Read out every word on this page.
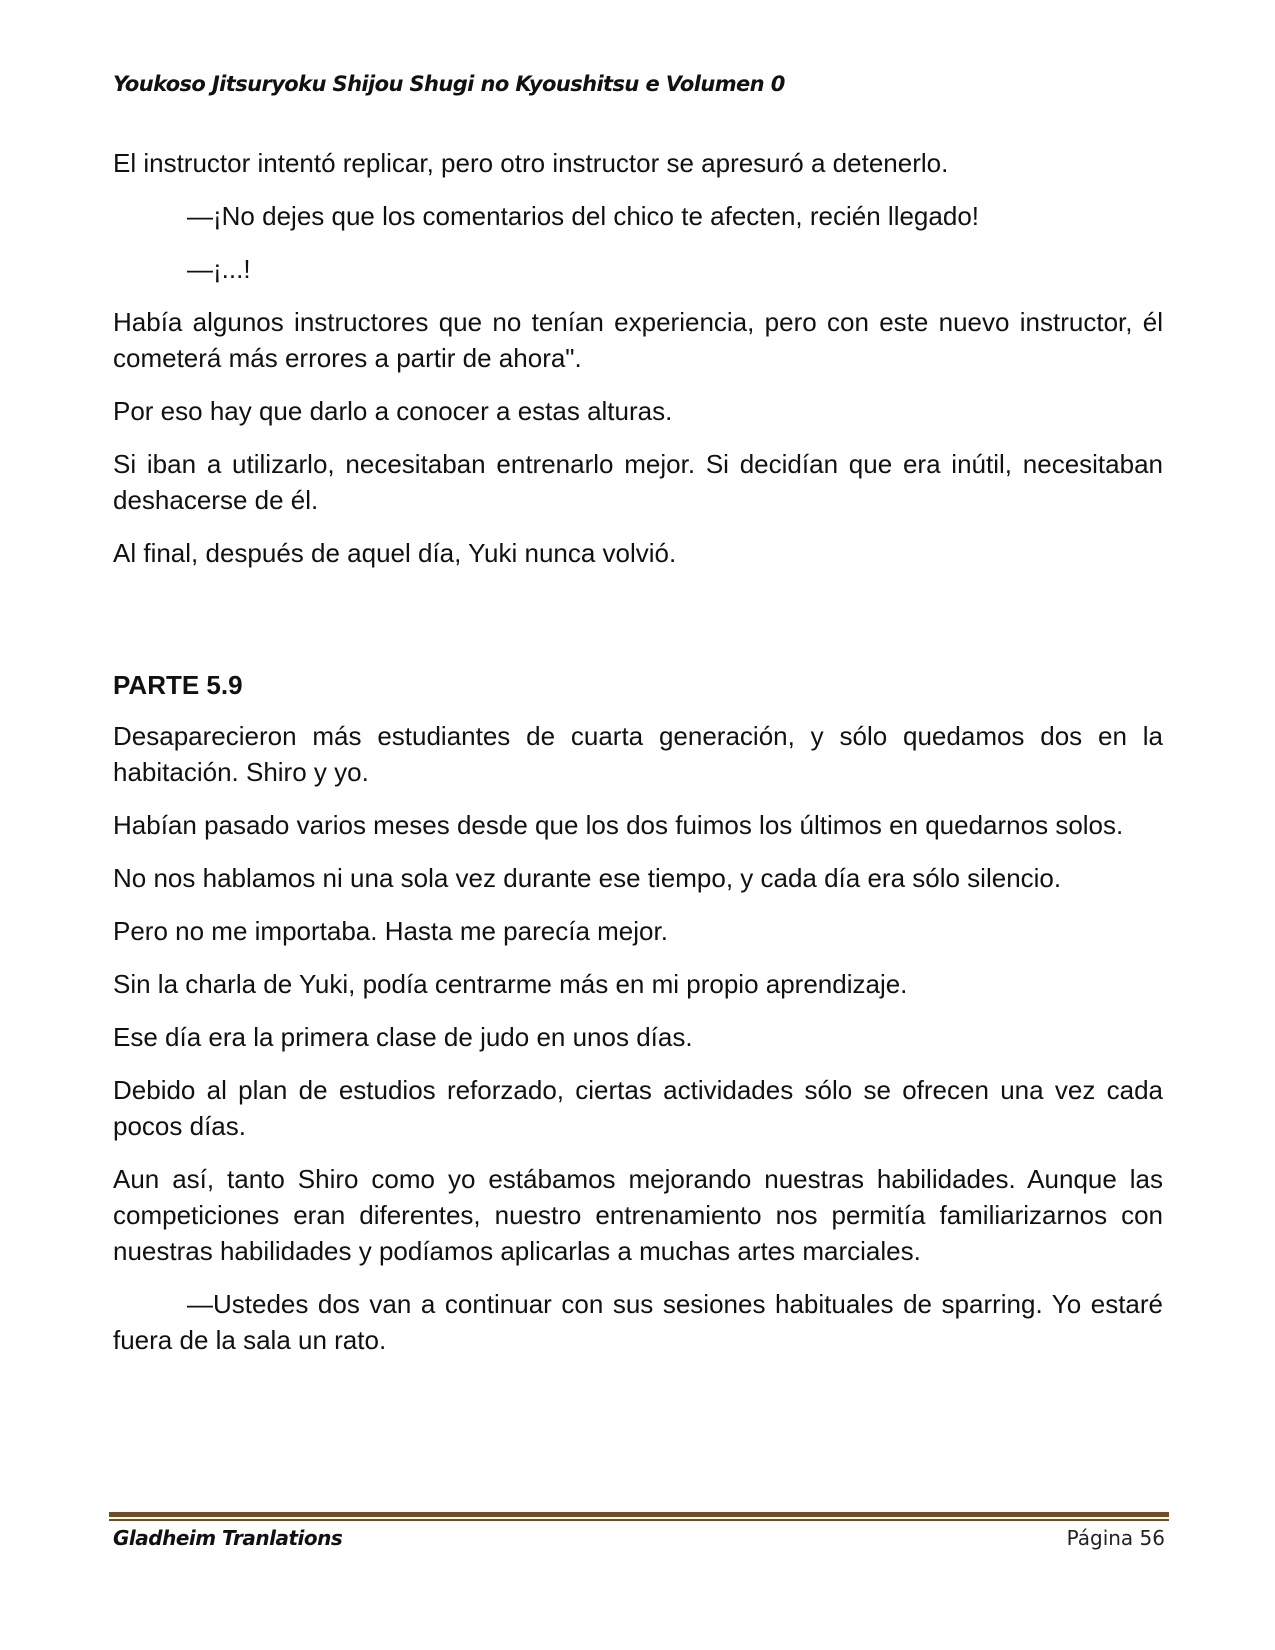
Youkoso Jitsuryoku Shijou Shugi no Kyoushitsu e Volumen 0

El instructor intentó replicar, pero otro instructor se apresuró a detenerlo.

—¡No dejes que los comentarios del chico te afecten, recién llegado!

—¡...!

Había algunos instructores que no tenían experiencia, pero con este nuevo instructor, él cometerá más errores a partir de ahora".

Por eso hay que darlo a conocer a estas alturas.

Si iban a utilizarlo, necesitaban entrenarlo mejor. Si decidían que era inútil, necesitaban deshacerse de él.

Al final, después de aquel día, Yuki nunca volvió.

PARTE 5.9

Desaparecieron más estudiantes de cuarta generación, y sólo quedamos dos en la habitación. Shiro y yo.

Habían pasado varios meses desde que los dos fuimos los últimos en quedarnos solos.

No nos hablamos ni una sola vez durante ese tiempo, y cada día era sólo silencio.

Pero no me importaba. Hasta me parecía mejor.

Sin la charla de Yuki, podía centrarme más en mi propio aprendizaje.

Ese día era la primera clase de judo en unos días.

Debido al plan de estudios reforzado, ciertas actividades sólo se ofrecen una vez cada pocos días.

Aun así, tanto Shiro como yo estábamos mejorando nuestras habilidades. Aunque las competiciones eran diferentes, nuestro entrenamiento nos permitía familiarizarnos con nuestras habilidades y podíamos aplicarlas a muchas artes marciales.

—Ustedes dos van a continuar con sus sesiones habituales de sparring. Yo estaré fuera de la sala un rato.

Gladheim Tranlations	Página 56
